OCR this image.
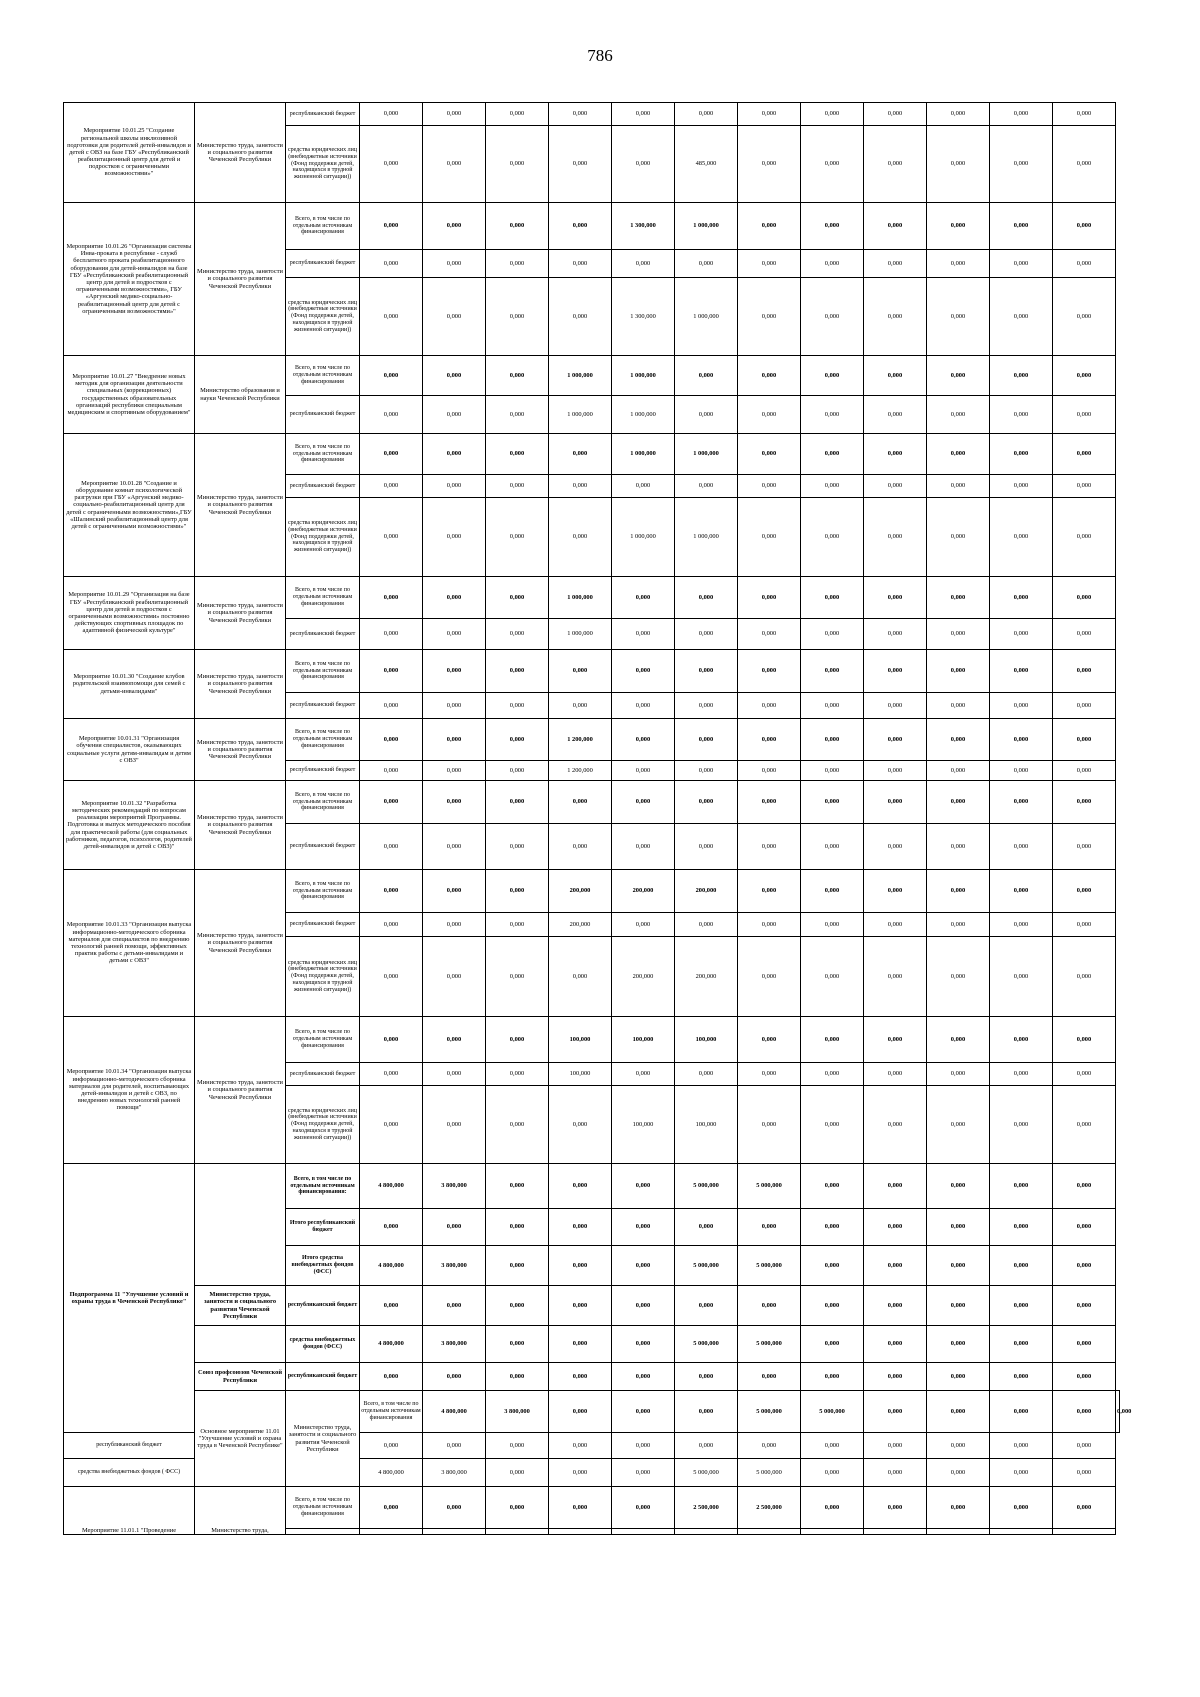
786
Мероприятие 10.01.25 "Создание региональной школы инклюзивной подготовки для родителей детей-инвалидов и детей с ОВЗ на базе ГБУ «Республиканский реабилитационный центр для детей и подростков с ограниченными возможностями»"	Министерство труда, занятости и социального развития Чеченской Республики	республиканский бюджет	0,000	0,000	0,000	0,000	0,000	0,000	0,000	0,000	0,000	0,000	0,000	0,000	
		средства юридических лиц (внебюджетные источники (Фонд поддержки детей, находящихся в трудной жизненной ситуации))	0,000	0,000	0,000	0,000	0,000	485,000	0,000	0,000	0,000	0,000	0,000	0,000	
Мероприятие 10.01.26 "Организация системы Инва-проката в республике - служб бесплатного проката реабилитационного оборудования для детей-инвалидов на базе ГБУ «Республиканский реабилитационный центр для детей и подростков с ограниченными возможностями», ГБУ «Аргунский медико-социально-реабилитационный центр для детей с ограниченными возможностями»"	Министерство труда, занятости и социального развития Чеченской Республики	Всего, в том числе по отдельным источникам финансирования	0,000	0,000	0,000	0,000	1 300,000	1 000,000	0,000	0,000	0,000	0,000	0,000	0,000	
		республиканский бюджет	0,000	0,000	0,000	0,000	0,000	0,000	0,000	0,000	0,000	0,000	0,000	0,000	
		средства юридических лиц (внебюджетные источники (Фонд поддержки детей, находящихся в трудной жизненной ситуации))	0,000	0,000	0,000	0,000	1 300,000	1 000,000	0,000	0,000	0,000	0,000	0,000	0,000	
Мероприятие 10.01.27 "Внедрение новых методик для организации деятельности специальных (коррекционных) государственных образовательных организаций республики специальным медицинским и спортивным оборудованием"	Министерство образования и науки Чеченской Республики	Всего, в том числе по отдельным источникам финансирования	0,000	0,000	0,000	1 000,000	1 000,000	0,000	0,000	0,000	0,000	0,000	0,000	0,000	
		республиканский бюджет	0,000	0,000	0,000	1 000,000	1 000,000	0,000	0,000	0,000	0,000	0,000	0,000	0,000	
Мероприятие 10.01.28 "Создание и оборудование комнат психологической разгрузки при ГБУ «Аргунский медико-социально-реабилитационный центр для детей с ограниченными возможностями»,ГБУ «Шалинский реабилитационный центр для детей с ограниченными возможностями»"	Министерство труда, занятости и социального развития Чеченской Республики	Всего, в том числе по отдельным источникам финансирования	0,000	0,000	0,000	0,000	1 000,000	1 000,000	0,000	0,000	0,000	0,000	0,000	0,000	
		республиканский бюджет	0,000	0,000	0,000	0,000	0,000	0,000	0,000	0,000	0,000	0,000	0,000	0,000	
		средства юридических лиц (внебюджетные источники (Фонд поддержки детей, находящихся в трудной жизненной ситуации))	0,000	0,000	0,000	0,000	1 000,000	1 000,000	0,000	0,000	0,000	0,000	0,000	0,000	
Мероприятие 10.01.29 "Организация на базе ГБУ «Республиканский реабилитационный центр для детей и подростков с ограниченными возможностями» постоянно действующих спортивных площадок по адаптивной физической культуре"	Министерство труда, занятости и социального развития Чеченской Республики	Всего, в том числе по отдельным источникам финансирования	0,000	0,000	0,000	1 000,000	0,000	0,000	0,000	0,000	0,000	0,000	0,000	0,000	
		республиканский бюджет	0,000	0,000	0,000	1 000,000	0,000	0,000	0,000	0,000	0,000	0,000	0,000	0,000	
Мероприятие 10.01.30 "Создание клубов родительской взаимопомощи для семей с детьми-инвалидами"	Министерство труда, занятости и социального развития Чеченской Республики	Всего, в том числе по отдельным источникам финансирования	0,000	0,000	0,000	0,000	0,000	0,000	0,000	0,000	0,000	0,000	0,000	0,000	
		республиканский бюджет	0,000	0,000	0,000	0,000	0,000	0,000	0,000	0,000	0,000	0,000	0,000	0,000	
Мероприятие 10.01.31 "Организация обучения специалистов, оказывающих социальные услуги детям-инвалидам и детям с ОВЗ"	Министерство труда, занятости и социального развития Чеченской Республики	Всего, в том числе по отдельным источникам финансирования	0,000	0,000	0,000	1 200,000	0,000	0,000	0,000	0,000	0,000	0,000	0,000	0,000	
		республиканский бюджет	0,000	0,000	0,000	1 200,000	0,000	0,000	0,000	0,000	0,000	0,000	0,000	0,000	
Мероприятие 10.01.32 "Разработка методических рекомендаций по вопросам реализации мероприятий Программы. Подготовка и выпуск методического пособия для практической работы (для социальных работников, педагогов, психологов, родителей детей-инвалидов и детей с ОВЗ)"	Министерство труда, занятости и социального развития Чеченской Республики	Всего, в том числе по отдельным источникам финансирования	0,000	0,000	0,000	0,000	0,000	0,000	0,000	0,000	0,000	0,000	0,000	0,000	
		республиканский бюджет	0,000	0,000	0,000	0,000	0,000	0,000	0,000	0,000	0,000	0,000	0,000	0,000	
Мероприятие 10.01.33 "Организация выпуска информационно-методического сборника материалов для специалистов по внедрению технологий ранней помощи, эффективных практик работы с детьми-инвалидами и детьми с ОВЗ"	Министерство труда, занятости и социального развития Чеченской Республики	Всего, в том числе по отдельным источникам финансирования	0,000	0,000	0,000	200,000	200,000	200,000	0,000	0,000	0,000	0,000	0,000	0,000	
		республиканский бюджет	0,000	0,000	0,000	200,000	0,000	0,000	0,000	0,000	0,000	0,000	0,000	0,000	
		средства юридических лиц (внебюджетные источники (Фонд поддержки детей, находящихся в трудной жизненной ситуации))	0,000	0,000	0,000	0,000	200,000	200,000	0,000	0,000	0,000	0,000	0,000	0,000	
Мероприятие 10.01.34 "Организация выпуска информационно-методического сборника материалов для родителей, воспитывающих детей-инвалидов и детей с ОВЗ, по внедрению новых технологий ранней помощи"	Министерство труда, занятости и социального развития Чеченской Республики	Всего, в том числе по отдельным источникам финансирования	0,000	0,000	0,000	100,000	100,000	100,000	0,000	0,000	0,000	0,000	0,000	0,000	
		республиканский бюджет	0,000	0,000	0,000	100,000	0,000	0,000	0,000	0,000	0,000	0,000	0,000	0,000	
		средства юридических лиц (внебюджетные источники (Фонд поддержки детей, находящихся в трудной жизненной ситуации))	0,000	0,000	0,000	0,000	100,000	100,000	0,000	0,000	0,000	0,000	0,000	0,000	
Подпрограмма 11 "Улучшение условий и охраны труда в Чеченской Республике"		Всего, в том числе по отдельным источникам финансирования:	4 800,000	3 800,000	0,000	0,000	0,000	5 000,000	5 000,000	0,000	0,000	0,000	0,000	0,000	
		Итого республиканский бюджет	0,000	0,000	0,000	0,000	0,000	0,000	0,000	0,000	0,000	0,000	0,000	0,000	
		Итого средства внебюджетных фондов (ФСС)	4 800,000	3 800,000	0,000	0,000	0,000	5 000,000	5 000,000	0,000	0,000	0,000	0,000	0,000	
	Министерство труда, занятости и социального развития Чеченской Республики	республиканский бюджет	0,000	0,000	0,000	0,000	0,000	0,000	0,000	0,000	0,000	0,000	0,000	0,000	
		средства внебюджетных фондов (ФСС)	4 800,000	3 800,000	0,000	0,000	0,000	5 000,000	5 000,000	0,000	0,000	0,000	0,000	0,000	
	Союз профсоюзов Чеченской Республики	республиканский бюджет	0,000	0,000	0,000	0,000	0,000	0,000	0,000	0,000	0,000	0,000	0,000	0,000	
	Основное мероприятие 11.01 "Улучшение условий и охрана труда в Чеченской Республике"	Министерство труда, занятости и социального развития Чеченской Республики	Всего, в том числе по отдельным источникам финансирования	4 800,000	3 800,000	0,000	0,000	0,000	5 000,000	5 000,000	0,000	0,000	0,000	0,000	0,000
республиканский бюджет			0,000	0,000	0,000	0,000	0,000	0,000	0,000	0,000	0,000	0,000	0,000	0,000	
средства внебюджетных фондов ( ФСС)			4 800,000	3 800,000	0,000	0,000	0,000	5 000,000	5 000,000	0,000	0,000	0,000	0,000	0,000	
Мероприятие 11.01.1 "Проведение	Министерство труда,	Всего, в том числе по отдельным источникам финансирования	0,000	0,000	0,000	0,000	0,000	2 500,000	2 500,000	0,000	0,000	0,000	0,000	0,000	
